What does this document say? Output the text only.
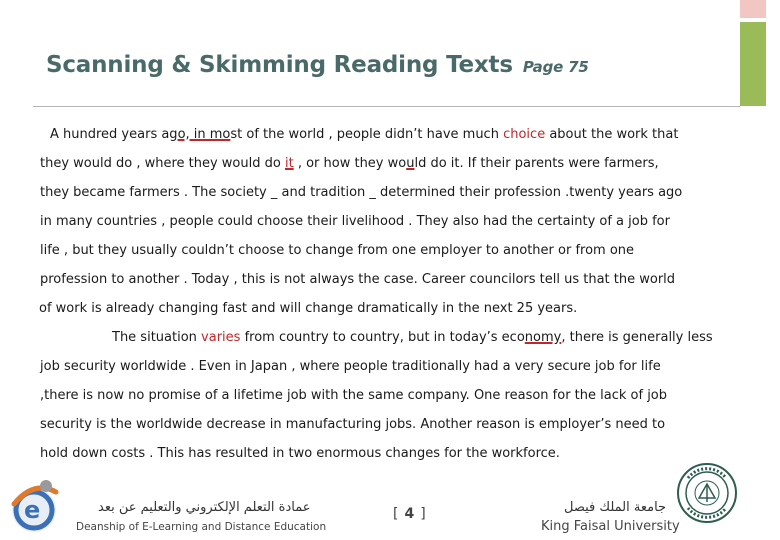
Scanning & Skimming Reading Texts Page 75
A hundred years ago, in most of the world , people didn’t have much choice about the work that
they would do , where they would do it , or how they would do it. If their parents were farmers,
they became farmers . The society _ and tradition _ determined their profession .twenty years ago
in many countries , people could choose their livelihood . They also had the certainty of a job for
life , but they usually couldn’t choose to change from one employer to another or from one
profession to another . Today , this is not always the case. Career councilors tell us that the world
of work is already changing fast and will change dramatically in the next 25 years.
The situation varies from country to country, but in today’s economy, there is generally less
job security worldwide . Even in Japan , where people traditionally had a very secure job for life
,there is now no promise of a lifetime job with the same company. One reason for the lack of job
security is the worldwide decrease in manufacturing jobs. Another reason is employer’s need to
hold down costs . This has resulted in two enormous changes for the workforce.
e	عمادة التعلم الإلكتروني والتعليم عن بعد
Deanship of E-Learning and Distance Education
[ 4 ]	جامعة الملك فيصل
King Faisal University
